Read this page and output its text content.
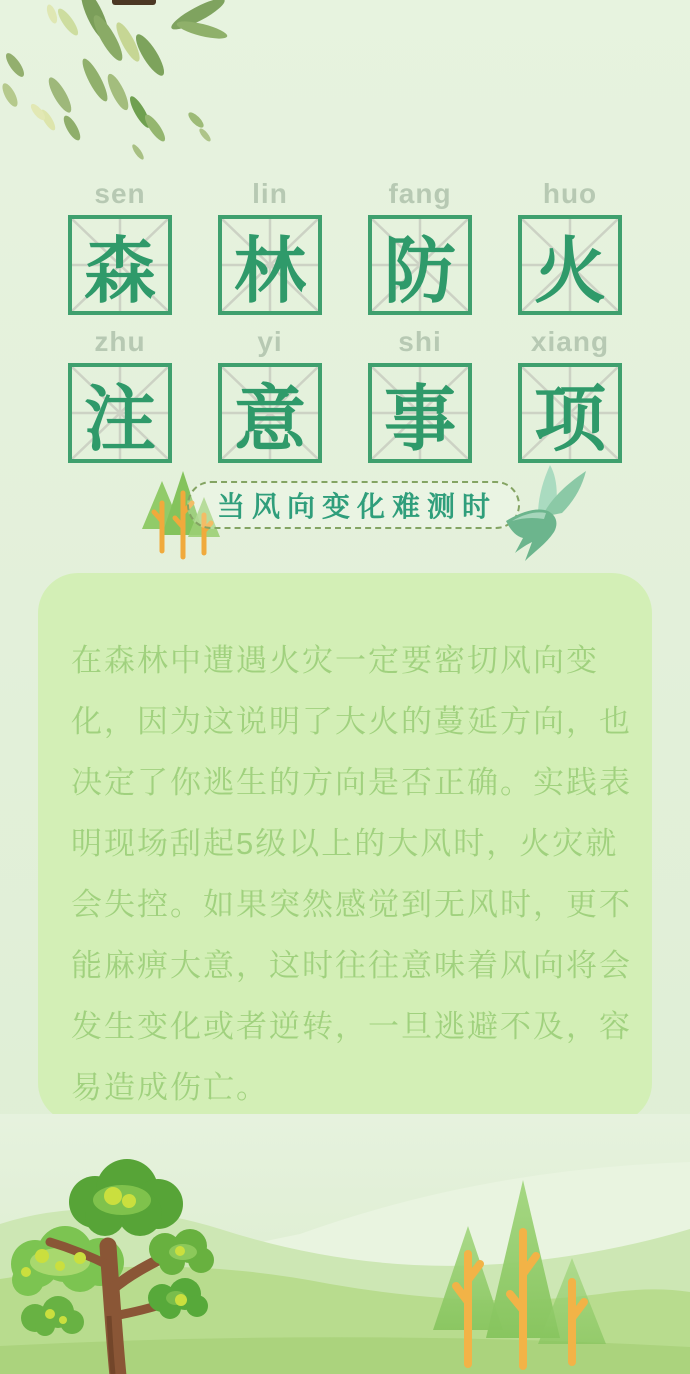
sen
森
lin
林
fang
防
huo
火
zhu
注
yi
意
shi
事
xiang
项
当风向变化难测时
在森林中遭遇火灾一定要密切风向变
化，因为这说明了大火的蔓延方向，也
决定了你逃生的方向是否正确。实践表
明现场刮起5级以上的大风时，火灾就
会失控。如果突然感觉到无风时，更不
能麻痹大意，这时往往意味着风向将会
发生变化或者逆转，一旦逃避不及，容
易造成伤亡。
